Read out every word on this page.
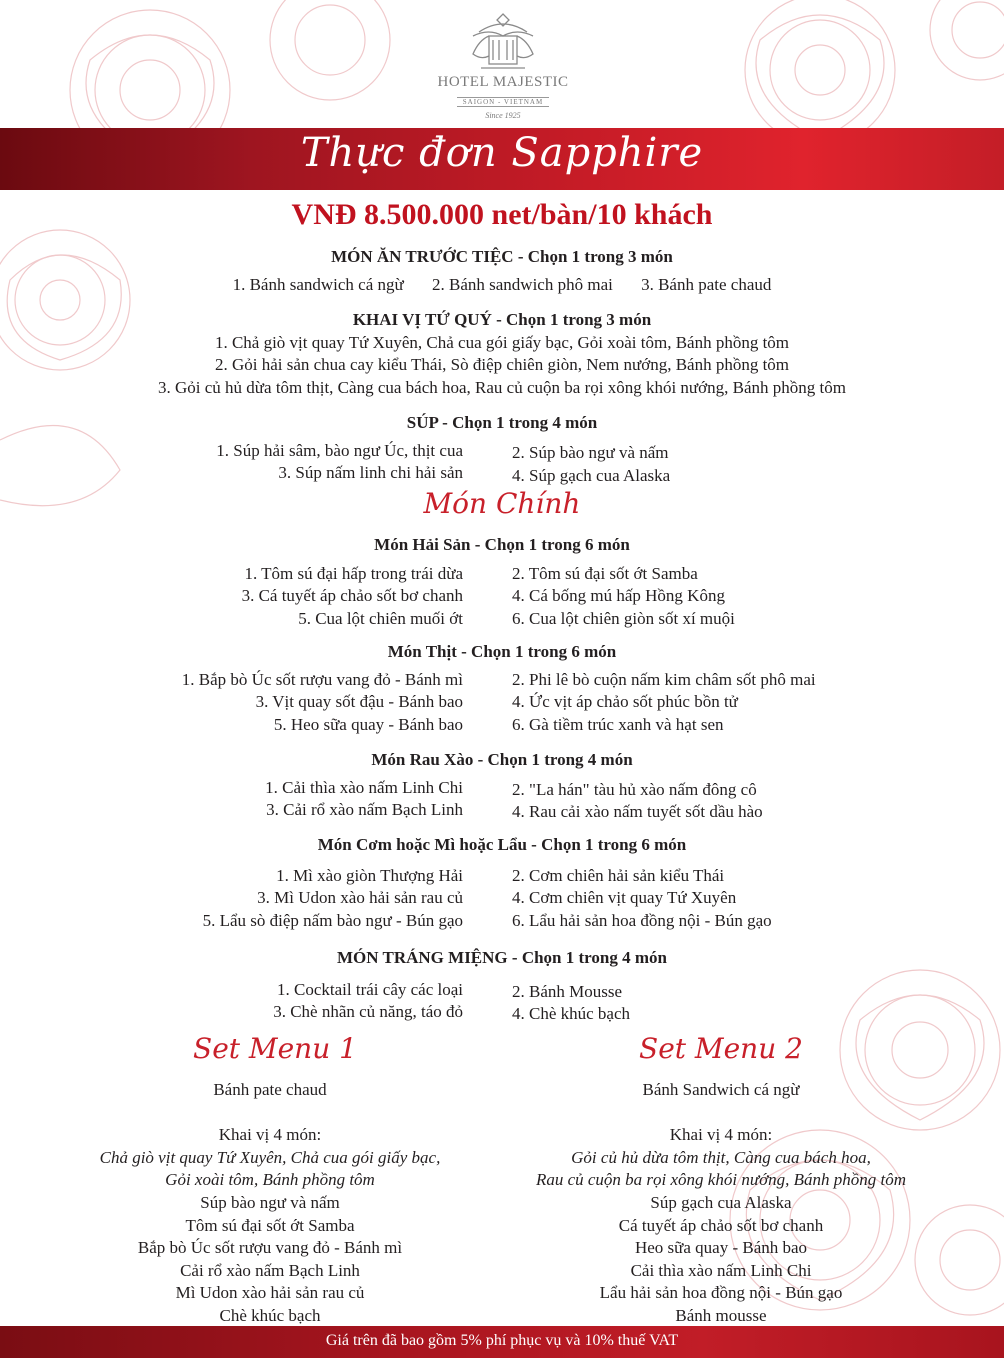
HOTEL MAJESTIC
SAIGON - VIETNAM
Since 1925
Thực đơn Sapphire
VNĐ 8.500.000 net/bàn/10 khách
MÓN ĂN TRƯỚC TIỆC - Chọn 1 trong 3 món
1. Bánh sandwich cá ngừ 2. Bánh sandwich phô mai 3. Bánh pate chaud
KHAI VỊ TỨ QUÝ - Chọn 1 trong 3 món
1. Chả giò vịt quay Tứ Xuyên, Chả cua gói giấy bạc, Gỏi xoài tôm, Bánh phồng tôm
2. Gỏi hải sản chua cay kiểu Thái, Sò điệp chiên giòn, Nem nướng, Bánh phồng tôm
3. Gỏi củ hủ dừa tôm thịt, Càng cua bách hoa, Rau củ cuộn ba rọi xông khói nướng, Bánh phồng tôm
SÚP - Chọn 1 trong 4 món
1. Súp hải sâm, bào ngư Úc, thịt cua
3. Súp nấm linh chi hải sản
2. Súp bào ngư và nấm
4. Súp gạch cua Alaska
Món Chính
Món Hải Sản - Chọn 1 trong 6 món
1. Tôm sú đại hấp trong trái dừa
3. Cá tuyết áp chảo sốt bơ chanh
5. Cua lột chiên muối ớt
2. Tôm sú đại sốt ớt Samba
4. Cá bống mú hấp Hồng Kông
6. Cua lột chiên giòn sốt xí muội
Món Thịt - Chọn 1 trong 6 món
1. Bắp bò Úc sốt rượu vang đỏ - Bánh mì
3. Vịt quay sốt đậu - Bánh bao
5. Heo sữa quay - Bánh bao
2. Phi lê bò cuộn nấm kim châm sốt phô mai
4. Ức vịt áp chảo sốt phúc bồn tử
6. Gà tiềm trúc xanh và hạt sen
Món Rau Xào - Chọn 1 trong 4 món
1. Cải thìa xào nấm Linh Chi
3. Cải rổ xào nấm Bạch Linh
2. "La hán" tàu hủ xào nấm đông cô
4. Rau cải xào nấm tuyết sốt dầu hào
Món Cơm hoặc Mì hoặc Lẩu - Chọn 1 trong 6 món
1. Mì xào giòn Thượng Hải
3. Mì Udon xào hải sản rau củ
5. Lẩu sò điệp nấm bào ngư - Bún gạo
2. Cơm chiên hải sản kiểu Thái
4. Cơm chiên vịt quay Tứ Xuyên
6. Lẩu hải sản hoa đồng nội - Bún gạo
MÓN TRÁNG MIỆNG - Chọn 1 trong 4 món
1. Cocktail trái cây các loại
3. Chè nhãn củ năng, táo đỏ
2. Bánh Mousse
4. Chè khúc bạch
Set Menu 1	Set Menu 2
Bánh pate chaud
Khai vị 4 món:
Chả giò vịt quay Tứ Xuyên, Chả cua gói giấy bạc,
Gỏi xoài tôm, Bánh phồng tôm
Súp bào ngư và nấm
Tôm sú đại sốt ớt Samba
Bắp bò Úc sốt rượu vang đỏ - Bánh mì
Cải rổ xào nấm Bạch Linh
Mì Udon xào hải sản rau củ
Chè khúc bạch
Bánh Sandwich cá ngừ
Khai vị 4 món:
Gỏi củ hủ dừa tôm thịt, Càng cua bách hoa,
Rau củ cuộn ba rọi xông khói nướng, Bánh phồng tôm
Súp gạch cua Alaska
Cá tuyết áp chảo sốt bơ chanh
Heo sữa quay - Bánh bao
Cải thìa xào nấm Linh Chi
Lẩu hải sản hoa đồng nội - Bún gạo
Bánh mousse
Giá trên đã bao gồm 5% phí phục vụ và 10% thuế VAT
